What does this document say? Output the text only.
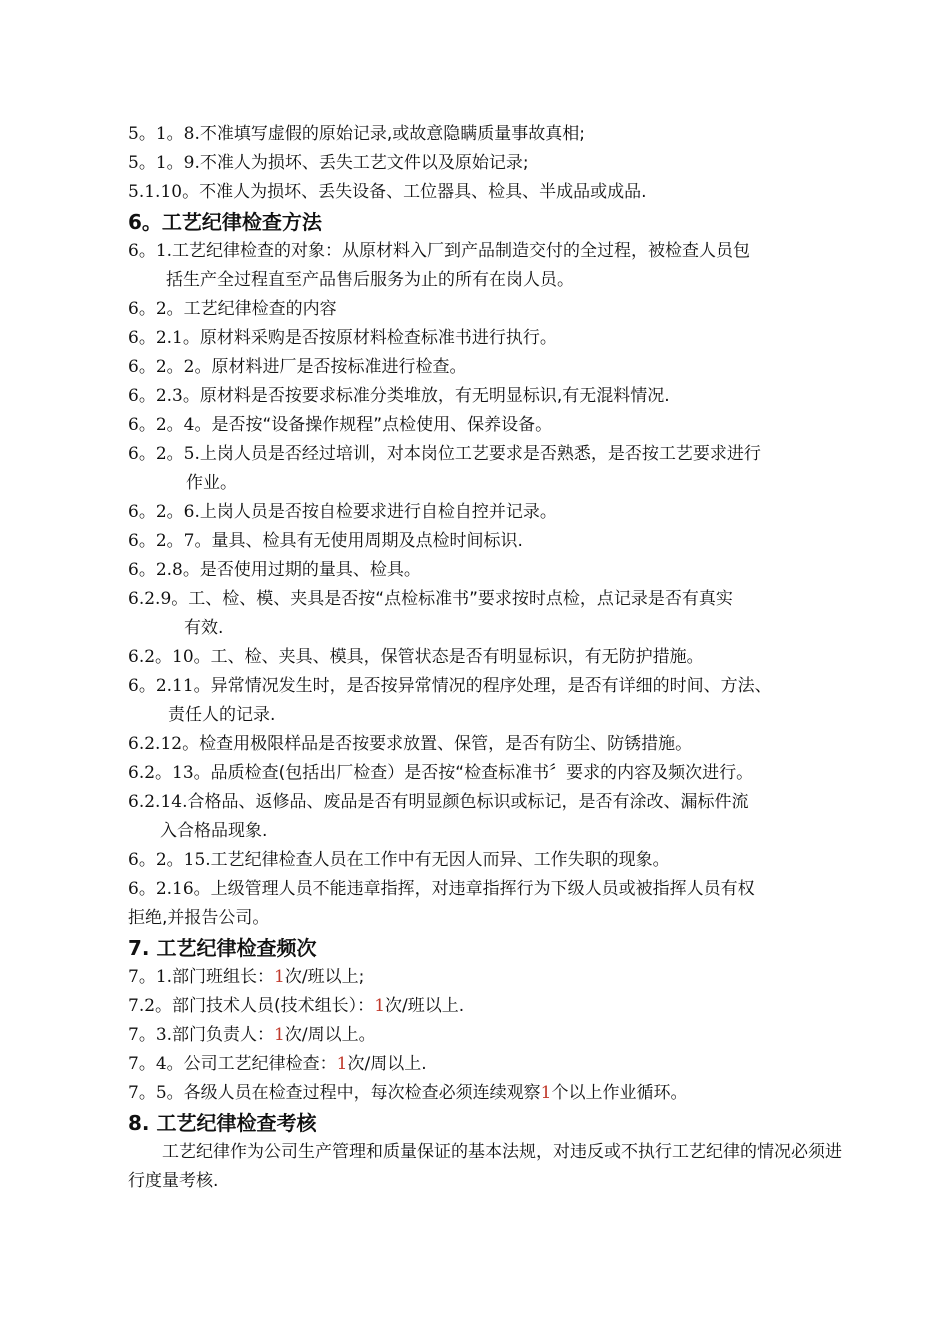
5。1。8.不准填写虚假的原始记录,或故意隐瞒质量事故真相;
5。1。9.不准人为损坏、丢失工艺文件以及原始记录;
5.1.10。不准人为损坏、丢失设备、工位器具、检具、半成品或成品.
6。工艺纪律检查方法
6。1.工艺纪律检查的对象：从原材料入厂到产品制造交付的全过程，被检查人员包
括生产全过程直至产品售后服务为止的所有在岗人员。
6。2。工艺纪律检查的内容
6。2.1。原材料采购是否按原材料检查标准书进行执行。
6。2。2。原材料进厂是否按标准进行检查。
6。2.3。原材料是否按要求标准分类堆放，有无明显标识,有无混料情况.
6。2。4。是否按“设备操作规程”点检使用、保养设备。
6。2。5.上岗人员是否经过培训，对本岗位工艺要求是否熟悉，是否按工艺要求进行
作业。
6。2。6.上岗人员是否按自检要求进行自检自控并记录。
6。2。7。量具、检具有无使用周期及点检时间标识.
6。2.8。是否使用过期的量具、检具。
6.2.9。工、检、模、夹具是否按“点检标准书”要求按时点检，点记录是否有真实
有效.
6.2。10。工、检、夹具、模具，保管状态是否有明显标识，有无防护措施。
6。2.11。异常情况发生时，是否按异常情况的程序处理，是否有详细的时间、方法、
责任人的记录.
6.2.12。检查用极限样品是否按要求放置、保管，是否有防尘、防锈措施。
6.2。13。品质检查(包括出厂检查）是否按“检查标准书〞要求的内容及频次进行。
6.2.14.合格品、返修品、废品是否有明显颜色标识或标记，是否有涂改、漏标件流
入合格品现象.
6。2。15.工艺纪律检查人员在工作中有无因人而异、工作失职的现象。
6。2.16。上级管理人员不能违章指挥，对违章指挥行为下级人员或被指挥人员有权
拒绝,并报告公司。
7. 工艺纪律检查频次
7。1.部门班组长：1次/班以上;
7.2。部门技术人员(技术组长）：1次/班以上.
7。3.部门负责人：1次/周以上。
7。4。公司工艺纪律检查：1次/周以上.
7。5。各级人员在检查过程中，每次检查必须连续观察1个以上作业循环。
8. 工艺纪律检查考核
工艺纪律作为公司生产管理和质量保证的基本法规，对违反或不执行工艺纪律的情况必须进行度量考核.
